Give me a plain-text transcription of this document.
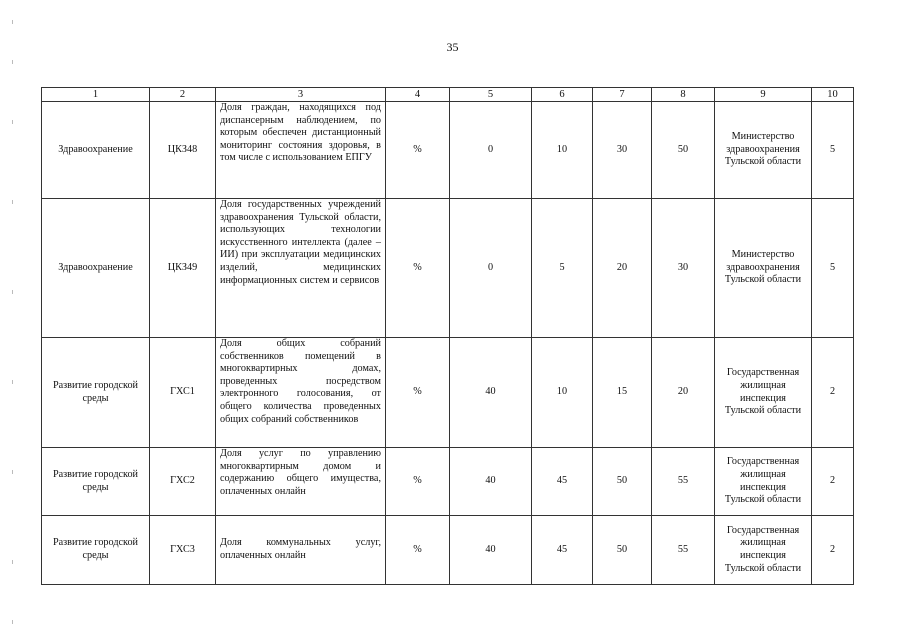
35
1	2	3	4	5	6	7	8	9	10
Здравоохранение	ЦКЗ48	Доля граждан, находящихся под диспансерным наблюдением, по которым обеспечен дистанционный мониторинг состояния здоровья, в том числе с использованием ЕПГУ	%	0	10	30	50	Министерство здравоохранения Тульской области	5
Здравоохранение	ЦКЗ49	Доля государственных учреждений здравоохранения Тульской области, использующих технологии искусственного интеллекта (далее – ИИ) при эксплуатации медицинских изделий, медицинских информационных систем и сервисов	%	0	5	20	30	Министерство здравоохранения Тульской области	5
Развитие городской среды	ГХС1	Доля общих собраний собственников помещений в многоквартирных домах, проведенных посредством электронного голосования, от общего количества проведенных общих собраний собственников	%	40	10	15	20	Государственная жилищная инспекция Тульской области	2
Развитие городской среды	ГХС2	Доля услуг по управлению многоквартирным домом и содержанию общего имущества, оплаченных онлайн	%	40	45	50	55	Государственная жилищная инспекция Тульской области	2
Развитие городской среды	ГХС3	Доля коммунальных услуг, оплаченных онлайн	%	40	45	50	55	Государственная жилищная инспекция Тульской области	2
